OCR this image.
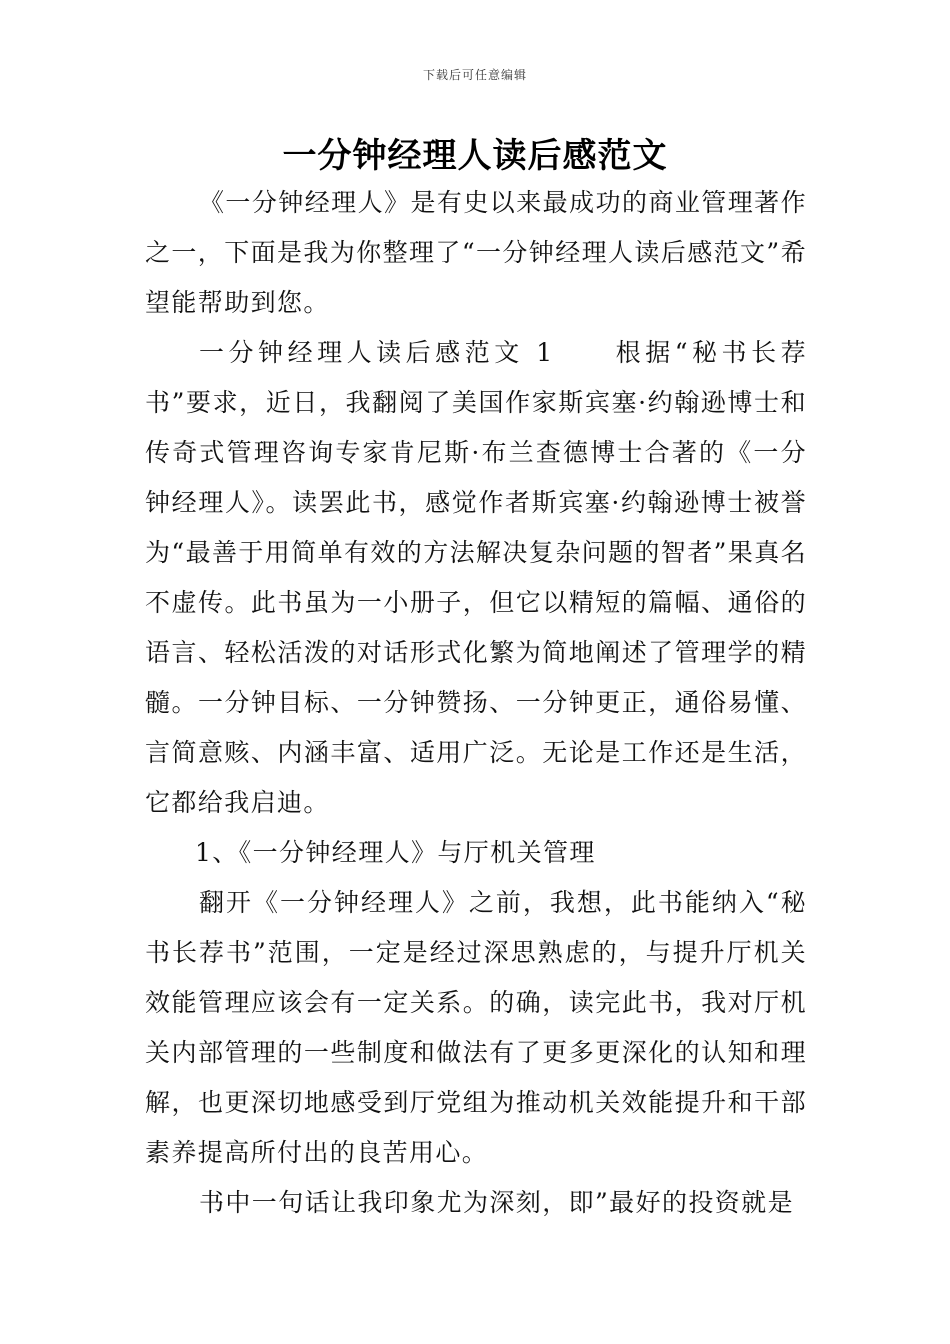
下载后可任意编辑
一分钟经理人读后感范文

《一分钟经理人》是有史以来最成功的商业管理著作之一，下面是我为你整理了“一分钟经理人读后感范文”希望能帮助到您。

一分钟经理人读后感范文 1　　根据“秘书长荐书”要求，近日，我翻阅了美国作家斯宾塞·约翰逊博士和传奇式管理咨询专家肯尼斯·布兰查德博士合著的《一分钟经理人》。读罢此书，感觉作者斯宾塞·约翰逊博士被誉为“最善于用简单有效的方法解决复杂问题的智者”果真名不虚传。此书虽为一小册子，但它以精短的篇幅、通俗的语言、轻松活泼的对话形式化繁为简地阐述了管理学的精髓。一分钟目标、一分钟赞扬、一分钟更正，通俗易懂、言简意赅、内涵丰富、适用广泛。无论是工作还是生活，它都给我启迪。

1、《一分钟经理人》与厅机关管理

翻开《一分钟经理人》之前，我想，此书能纳入“秘书长荐书”范围，一定是经过深思熟虑的，与提升厅机关效能管理应该会有一定关系。的确，读完此书，我对厅机关内部管理的一些制度和做法有了更多更深化的认知和理解，也更深切地感受到厅党组为推动机关效能提升和干部素养提高所付出的良苦用心。

书中一句话让我印象尤为深刻，即”最好的投资就是
